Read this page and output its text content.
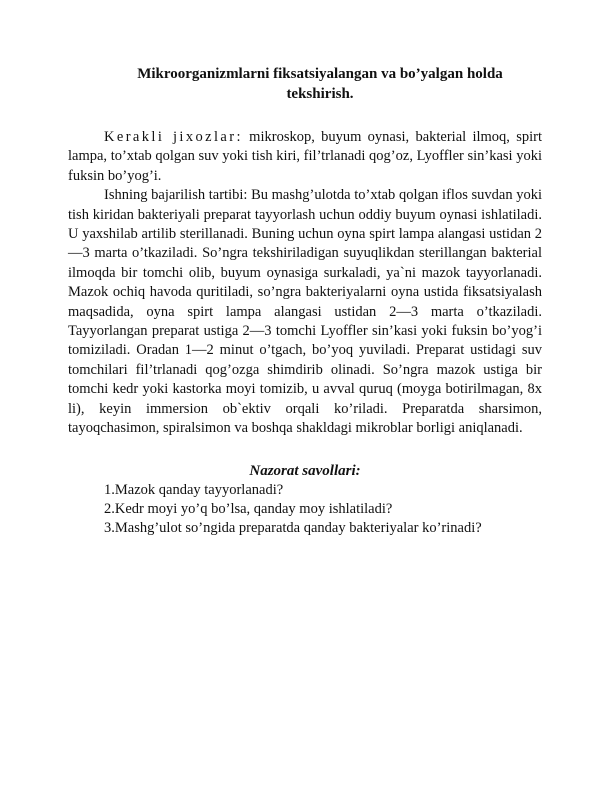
Mikroorganizmlarni fiksatsiyalangan va bo’yalgan holda
tekshirish.

Kerakli jixozlar: mikroskop, buyum oynasi, bakterial ilmoq, spirt lampa, to’xtab qolgan suv yoki tish kiri, fil’trlanadi qog’oz, Lyoffler sin’kasi yoki fuksin bo’yog’i.

Ishning bajarilish tartibi: Bu mashg’ulotda to’xtab qolgan iflos suvdan yoki tish kiridan bakteriyali preparat tayyorlash uchun oddiy buyum oynasi ishlatiladi. U yaxshilab artilib sterillanadi. Buning uchun oyna spirt lampa alangasi ustidan 2—3 marta o’tkaziladi. So’ngra tekshiriladigan suyuqlikdan sterillangan bakterial ilmoqda bir tomchi olib, buyum oynasiga surkaladi, ya`ni mazok tayyorlanadi. Mazok ochiq havoda quritiladi, so’ngra bakteriyalarni oyna ustida fiksatsiyalash maqsadida, oyna spirt lampa alangasi ustidan 2—3 marta o’tkaziladi. Tayyorlangan preparat ustiga 2—3 tomchi Lyoffler sin’kasi yoki fuksin bo’yog’i tomiziladi. Oradan 1—2 minut o’tgach, bo’yoq yuviladi. Preparat ustidagi suv tomchilari fil’trlanadi qog’ozga shimdirib olinadi. So’ngra mazok ustiga bir tomchi kedr yoki kastorka moyi tomizib, u avval quruq (moyga botirilmagan, 8x li), keyin immersion ob`ektiv orqali ko’riladi. Preparatda sharsimon, tayoqchasimon, spiralsimon va boshqa shakldagi mikroblar borligi aniqlanadi.

Nazorat savollari:
1.Mazok qanday tayyorlanadi?
2.Kedr moyi yo’q bo’lsa, qanday moy ishlatiladi?
3.Mashg’ulot so’ngida preparatda qanday bakteriyalar ko’rinadi?
